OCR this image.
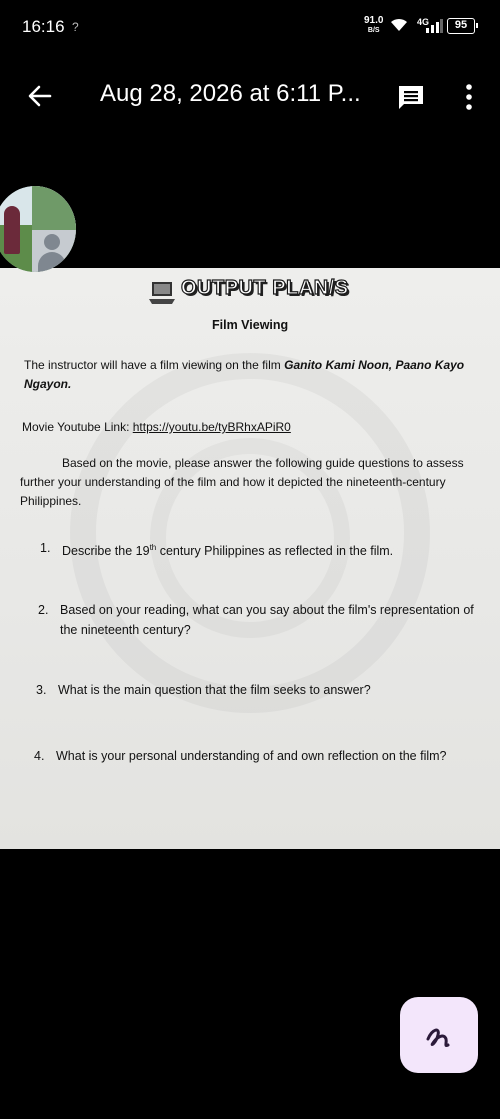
16:16 ?	91.0
B/S
4G	95
Aug 28, 2026 at 6:11 P...
OUTPUT PLAN/S
Film Viewing
The instructor will have a film viewing on the film Ganito Kami Noon, Paano Kayo Ngayon.
Movie Youtube Link: https://youtu.be/tyBRhxAPiR0
Based on the movie, please answer the following guide questions to assess further your understanding of the film and how it depicted the nineteenth-century Philippines.
1. Describe the 19th century Philippines as reflected in the film.
2. Based on your reading, what can you say about the film's representation of the nineteenth century?
3. What is the main question that the film seeks to answer?
4. What is your personal understanding of and own reflection on the film?
